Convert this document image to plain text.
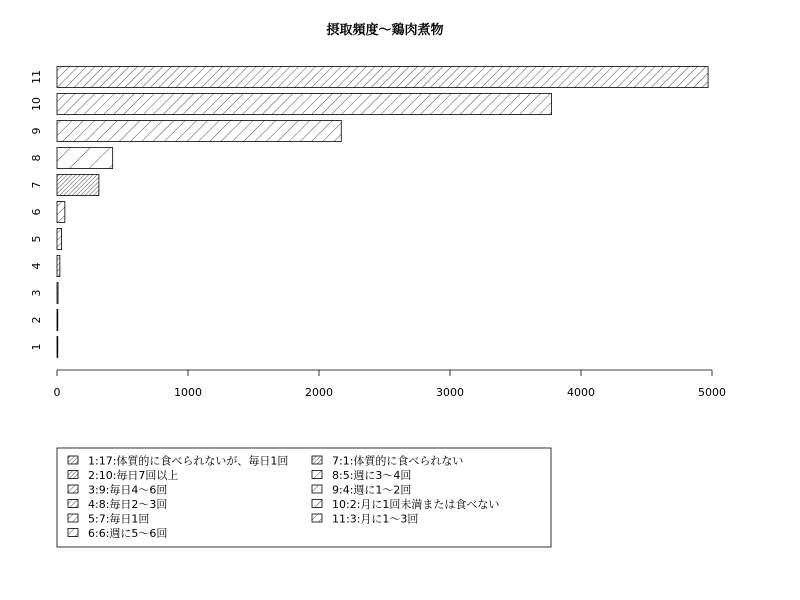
摂取頻度～鶏肉煮物
1
2
3
4
5
6
7
8
9
10
11
0	1000	2000	3000	4000	5000
1:17:体質的に食べられないが、毎日1回
2:10:毎日7回以上
3:9:毎日4～6回
4:8:毎日2～3回
5:7:毎日1回
6:6:週に5～6回
7:1:体質的に食べられない
8:5:週に3～4回
9:4:週に1～2回
10:2:月に1回未満または食べない
11:3:月に1～3回
